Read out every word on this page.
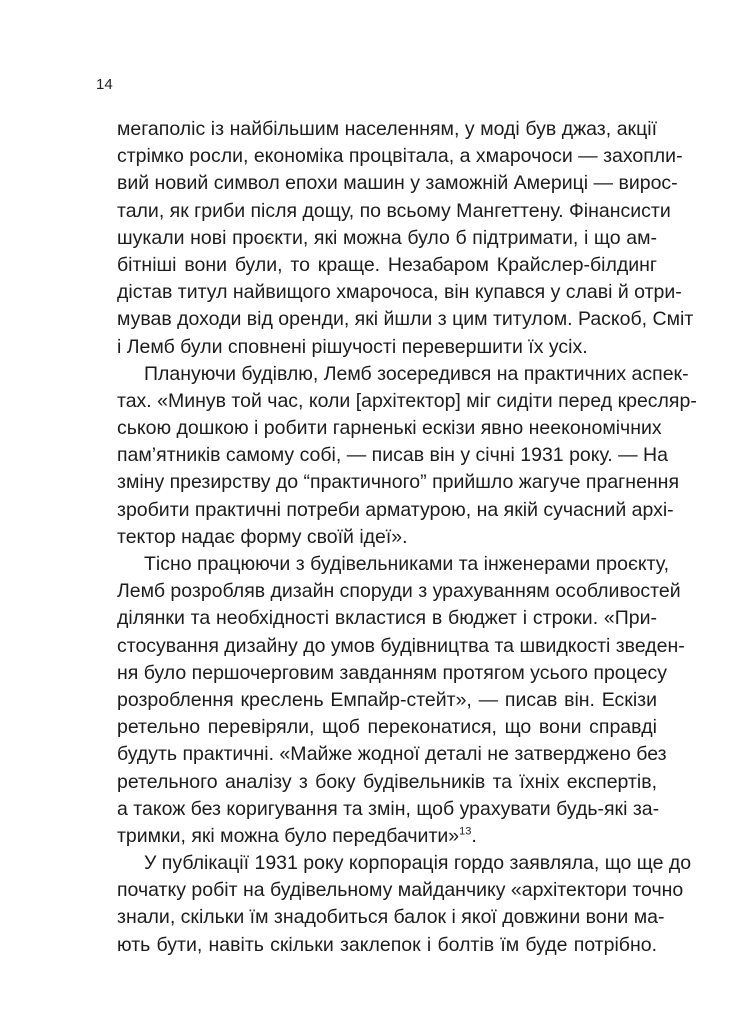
14

мегаполіс із найбільшим населенням, у моді був джаз, акції
стрімко росли, економіка процвітала, а хмарочоси — захопли-
вий новий символ епохи машин у заможній Америці — вирос-
тали, як гриби після дощу, по всьому Мангеттену. Фінансисти
шукали нові проєкти, які можна було б підтримати, і що ам-
бітніші вони були, то краще. Незабаром Крайслер-білдинг
дістав титул найвищого хмарочоса, він купався у славі й отри-
мував доходи від оренди, які йшли з цим титулом. Раскоб, Сміт
і Лемб були сповнені рішучості перевершити їх усіх.

Плануючи будівлю, Лемб зосередився на практичних аспек-
тах. «Минув той час, коли [архітектор] міг сидіти перед кресляр-
ською дошкою і робити гарненькі ескізи явно неекономічних
пам’ятників самому собі, — писав він у січні 1931 року. — На
зміну презирству до “практичного” прийшло жагуче прагнення
зробити практичні потреби арматурою, на якій сучасний архі-
тектор надає форму своїй ідеї».

Тісно працюючи з будівельниками та інженерами проєкту,
Лемб розробляв дизайн споруди з урахуванням особливостей
ділянки та необхідності вкластися в бюджет і строки. «При-
стосування дизайну до умов будівництва та швидкості зведен-
ня було першочерговим завданням протягом усього процесу
розроблення креслень Емпайр-стейт», — писав він. Ескізи
ретельно перевіряли, щоб переконатися, що вони справді
будуть практичні. «Майже жодної деталі не затверджено без
ретельного аналізу з боку будівельників та їхніх експертів,
а також без коригування та змін, щоб урахувати будь-які за-
тримки, які можна було передбачити»$^{13}$.

У публікації 1931 року корпорація гордо заявляла, що ще до
початку робіт на будівельному майданчику «архітектори точно
знали, скільки їм знадобиться балок і якої довжини вони ма-
ють бути, навіть скільки заклепок і болтів їм буде потрібно.
